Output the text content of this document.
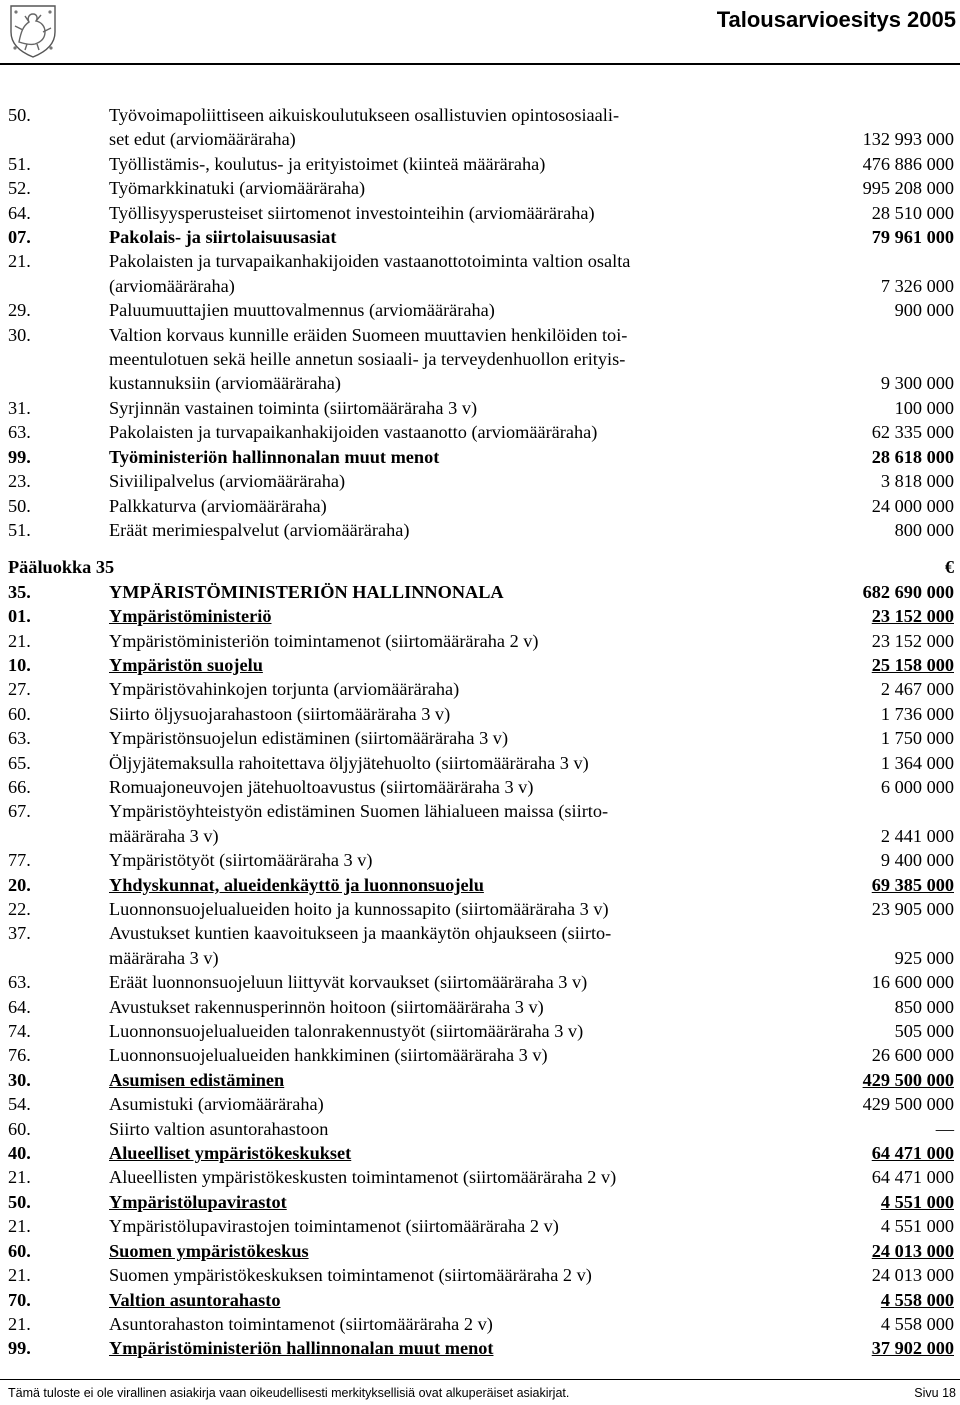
Talousarvioesitys 2005
50.	Työvoimapoliittiseen aikuiskoulutukseen osallistuvien opintososiaali-
set edut (arviomääräraha)	132 993 000
51.	Työllistämis-, koulutus- ja erityistoimet (kiinteä määräraha)	476 886 000
52.	Työmarkkinatuki (arviomääräraha)	995 208 000
64.	Työllisyysperusteiset siirtomenot investointeihin (arviomääräraha)	28 510 000
07.	Pakolais- ja siirtolaisuusasiat	79 961 000
21.	Pakolaisten ja turvapaikanhakijoiden vastaanottotoiminta valtion osalta
(arviomääräraha)	7 326 000
29.	Paluumuuttajien muuttovalmennus (arviomääräraha)	900 000
30.	Valtion korvaus kunnille eräiden Suomeen muuttavien henkilöiden toi-
meentulotuen sekä heille annetun sosiaali- ja terveydenhuollon erityis-
kustannuksiin (arviomääräraha)	9 300 000
31.	Syrjinnän vastainen toiminta (siirtomääräraha 3 v)	100 000
63.	Pakolaisten ja turvapaikanhakijoiden vastaanotto (arviomääräraha)	62 335 000
99.	Työministeriön hallinnonalan muut menot	28 618 000
23.	Siviilipalvelus (arviomääräraha)	3 818 000
50.	Palkkaturva (arviomääräraha)	24 000 000
51.	Eräät merimiespalvelut (arviomääräraha)	800 000
Pääluokka 35	€
35.	YMPÄRISTÖMINISTERIÖN HALLINNONALA	682 690 000
01.	Ympäristöministeriö	23 152 000
21.	Ympäristöministeriön toimintamenot (siirtomääräraha 2 v)	23 152 000
10.	Ympäristön suojelu	25 158 000
27.	Ympäristövahinkojen torjunta (arviomääräraha)	2 467 000
60.	Siirto öljysuojarahastoon (siirtomääräraha 3 v)	1 736 000
63.	Ympäristönsuojelun edistäminen (siirtomääräraha 3 v)	1 750 000
65.	Öljyjätemaksulla rahoitettava öljyjätehuolto (siirtomääräraha 3 v)	1 364 000
66.	Romuajoneuvojen jätehuoltoavustus (siirtomääräraha 3 v)	6 000 000
67.	Ympäristöyhteistyön edistäminen Suomen lähialueen maissa (siirto-
määräraha 3 v)	2 441 000
77.	Ympäristötyöt (siirtomääräraha 3 v)	9 400 000
20.	Yhdyskunnat, alueidenkäyttö ja luonnonsuojelu	69 385 000
22.	Luonnonsuojelualueiden hoito ja kunnossapito (siirtomääräraha 3 v)	23 905 000
37.	Avustukset kuntien kaavoitukseen ja maankäytön ohjaukseen (siirto-
määräraha 3 v)	925 000
63.	Eräät luonnonsuojeluun liittyvät korvaukset (siirtomääräraha 3 v)	16 600 000
64.	Avustukset rakennusperinnön hoitoon (siirtomääräraha 3 v)	850 000
74.	Luonnonsuojelualueiden talonrakennustyöt (siirtomääräraha 3 v)	505 000
76.	Luonnonsuojelualueiden hankkiminen (siirtomääräraha 3 v)	26 600 000
30.	Asumisen edistäminen	429 500 000
54.	Asumistuki (arviomääräraha)	429 500 000
60.	Siirto valtion asuntorahastoon	—
40.	Alueelliset ympäristökeskukset	64 471 000
21.	Alueellisten ympäristökeskusten toimintamenot (siirtomääräraha 2 v)	64 471 000
50.	Ympäristölupavirastot	4 551 000
21.	Ympäristölupavirastojen toimintamenot (siirtomääräraha 2 v)	4 551 000
60.	Suomen ympäristökeskus	24 013 000
21.	Suomen ympäristökeskuksen toimintamenot (siirtomääräraha 2 v)	24 013 000
70.	Valtion asuntorahasto	4 558 000
21.	Asuntorahaston toimintamenot (siirtomääräraha 2 v)	4 558 000
99.	Ympäristöministeriön hallinnonalan muut menot	37 902 000
Tämä tuloste ei ole virallinen asiakirja vaan oikeudellisesti merkityksellisiä ovat alkuperäiset asiakirjat.	Sivu 18
